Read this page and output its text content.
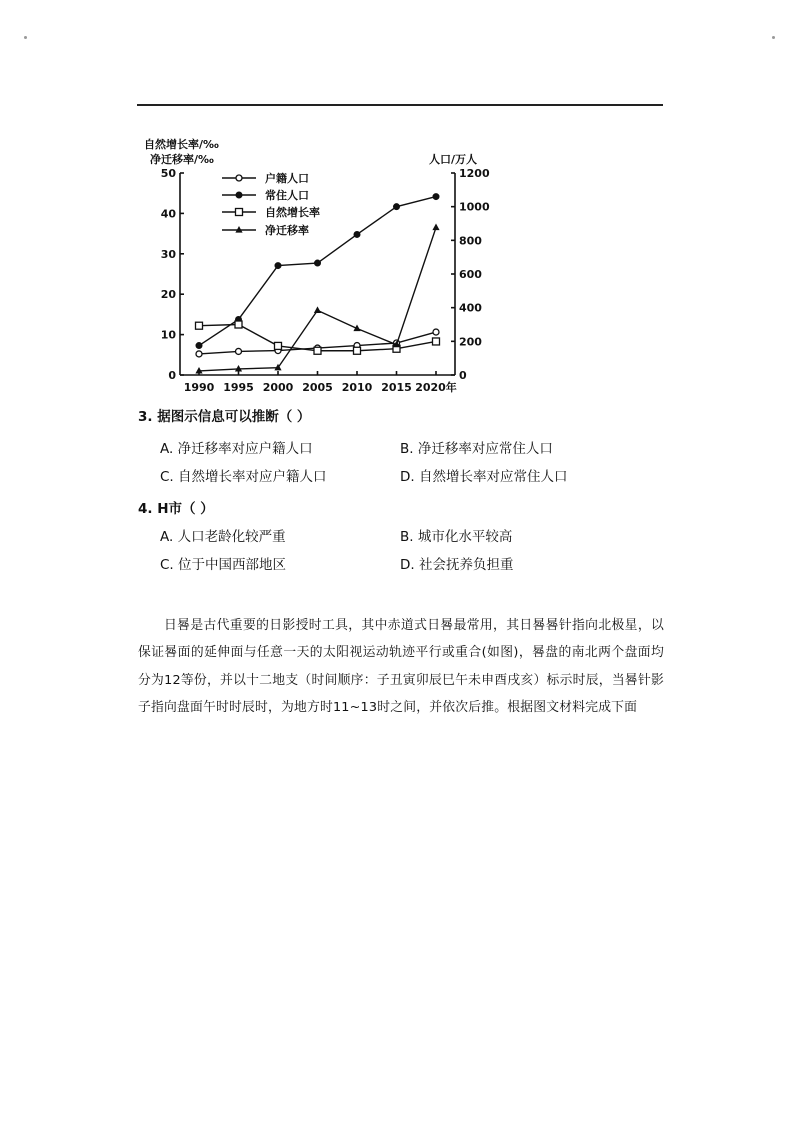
自然增长率/‰
净迁移率/‰	人口/万人
0
10
20
30
40
50
0
200
400
600
800
1000
1200
1990 1995 2000 2005 2010 2015 2020年
户籍人口
常住人口
自然增长率
净迁移率
3. 据图示信息可以推断（ ）
A. 净迁移率对应户籍人口	B. 净迁移率对应常住人口
C. 自然增长率对应户籍人口	D. 自然增长率对应常住人口
4. H市（ ）
A. 人口老龄化较严重	B. 城市化水平较高
C. 位于中国西部地区	D. 社会抚养负担重

日晷是古代重要的日影授时工具，其中赤道式日晷最常用，其日晷晷针指向北极星，以保证晷面的延伸面与任意一天的太阳视运动轨迹平行或重合(如图)，晷盘的南北两个盘面均分为12等份，并以十二地支（时间顺序：子丑寅卯辰巳午未申酉戌亥）标示时辰，当晷针影子指向盘面午时时辰时，为地方时11~13时之间，并依次后推。根据图文材料完成下面
